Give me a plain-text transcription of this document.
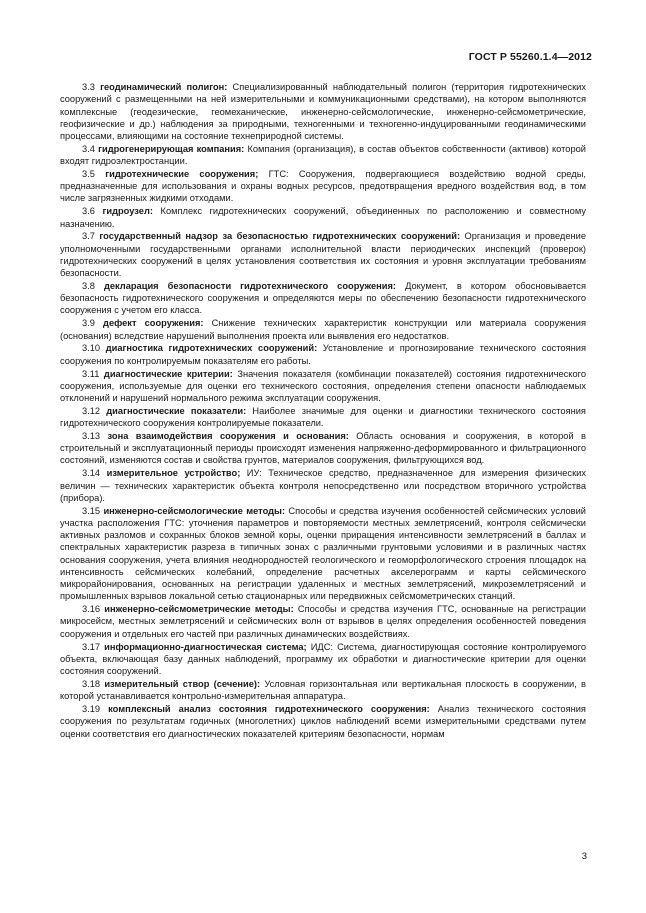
ГОСТ Р 55260.1.4—2012

3.3 геодинамический полигон: Специализированный наблюдательный полигон (территория гидротехнических сооружений с размещенными на ней измерительными и коммуникационными средствами), на котором выполняются комплексные (геодезические, геомеханические, инженерно-сейсмологические, инженерно-сейсмометрические, геофизические и др.) наблюдения за природными, техногенными и техногенно-индуцированными геодинамическими процессами, влияющими на состояние технеприродной системы.

3.4 гидрогенерирующая компания: Компания (организация), в состав объектов собственности (активов) которой входят гидроэлектростанции.

3.5 гидротехнические сооружения; ГТС: Сооружения, подвергающиеся воздействию водной среды, предназначенные для использования и охраны водных ресурсов, предотвращения вредного воздействия вод, в том числе загрязненных жидкими отходами.

3.6 гидроузел: Комплекс гидротехнических сооружений, объединенных по расположению и совместному назначению.

3.7 государственный надзор за безопасностью гидротехнических сооружений: Организация и проведение уполномоченными государственными органами исполнительной власти периодических инспекций (проверок) гидротехнических сооружений в целях установления соответствия их состояния и уровня эксплуатации требованиям безопасности.

3.8 декларация безопасности гидротехнического сооружения: Документ, в котором обосновывается безопасность гидротехнического сооружения и определяются меры по обеспечению безопасности гидротехнического сооружения с учетом его класса.

3.9 дефект сооружения: Снижение технических характеристик конструкции или материала сооружения (основания) вследствие нарушений выполнения проекта или выявления его недостатков.

3.10 диагностика гидротехнических сооружений: Установление и прогнозирование технического состояния сооружения по контролируемым показателям его работы.

3.11 диагностические критерии: Значения показателя (комбинации показателей) состояния гидротехнического сооружения, используемые для оценки его технического состояния, определения степени опасности наблюдаемых отклонений и нарушений нормального режима эксплуатации сооружения.

3.12 диагностические показатели: Наиболее значимые для оценки и диагностики технического состояния гидротехнического сооружения контролируемые показатели.

3.13 зона взаимодействия сооружения и основания: Область основания и сооружения, в которой в строительный и эксплуатационный периоды происходят изменения напряженно-деформированного и фильтрационного состояний, изменяются состав и свойства грунтов, материалов сооружения, фильтрующихся вод.

3.14 измерительное устройство; ИУ: Техническое средство, предназначенное для измерения физических величин — технических характеристик объекта контроля непосредственно или посредством вторичного устройства (прибора).

3.15 инженерно-сейсмологические методы: Способы и средства изучения особенностей сейсмических условий участка расположения ГТС: уточнения параметров и повторяемости местных землетрясений, контроля сейсмически активных разломов и сохранных блоков земной коры, оценки приращения интенсивности землетрясений в баллах и спектральных характеристик разреза в типичных зонах с различными грунтовыми условиями и в различных частях основания сооружения, учета влияния неоднородностей геологического и геоморфологического строения площадок на интенсивность сейсмических колебаний, определение расчетных акселерограмм и карты сейсмического микрорайонирования, основанных на регистрации удаленных и местных землетрясений, микроземлетрясений и промышленных взрывов локальной сетью стационарных или передвижных сейсмометрических станций.

3.16 инженерно-сейсмометрические методы: Способы и средства изучения ГТС, основанные на регистрации микросейсм, местных землетрясений и сейсмических волн от взрывов в целях определения особенностей поведения сооружения и отдельных его частей при различных динамических воздействиях.

3.17 информационно-диагностическая система; ИДС: Система, диагностирующая состояние контролируемого объекта, включающая базу данных наблюдений, программу их обработки и диагностические критерии для оценки состояния сооружений.

3.18 измерительный створ (сечение): Условная горизонтальная или вертикальная плоскость в сооружении, в которой устанавливается контрольно-измерительная аппаратура.

3.19 комплексный анализ состояния гидротехнического сооружения: Анализ технического состояния сооружения по результатам годичных (многолетних) циклов наблюдений всеми измерительными средствами путем оценки соответствия его диагностических показателей критериям безопасности, нормам

3
